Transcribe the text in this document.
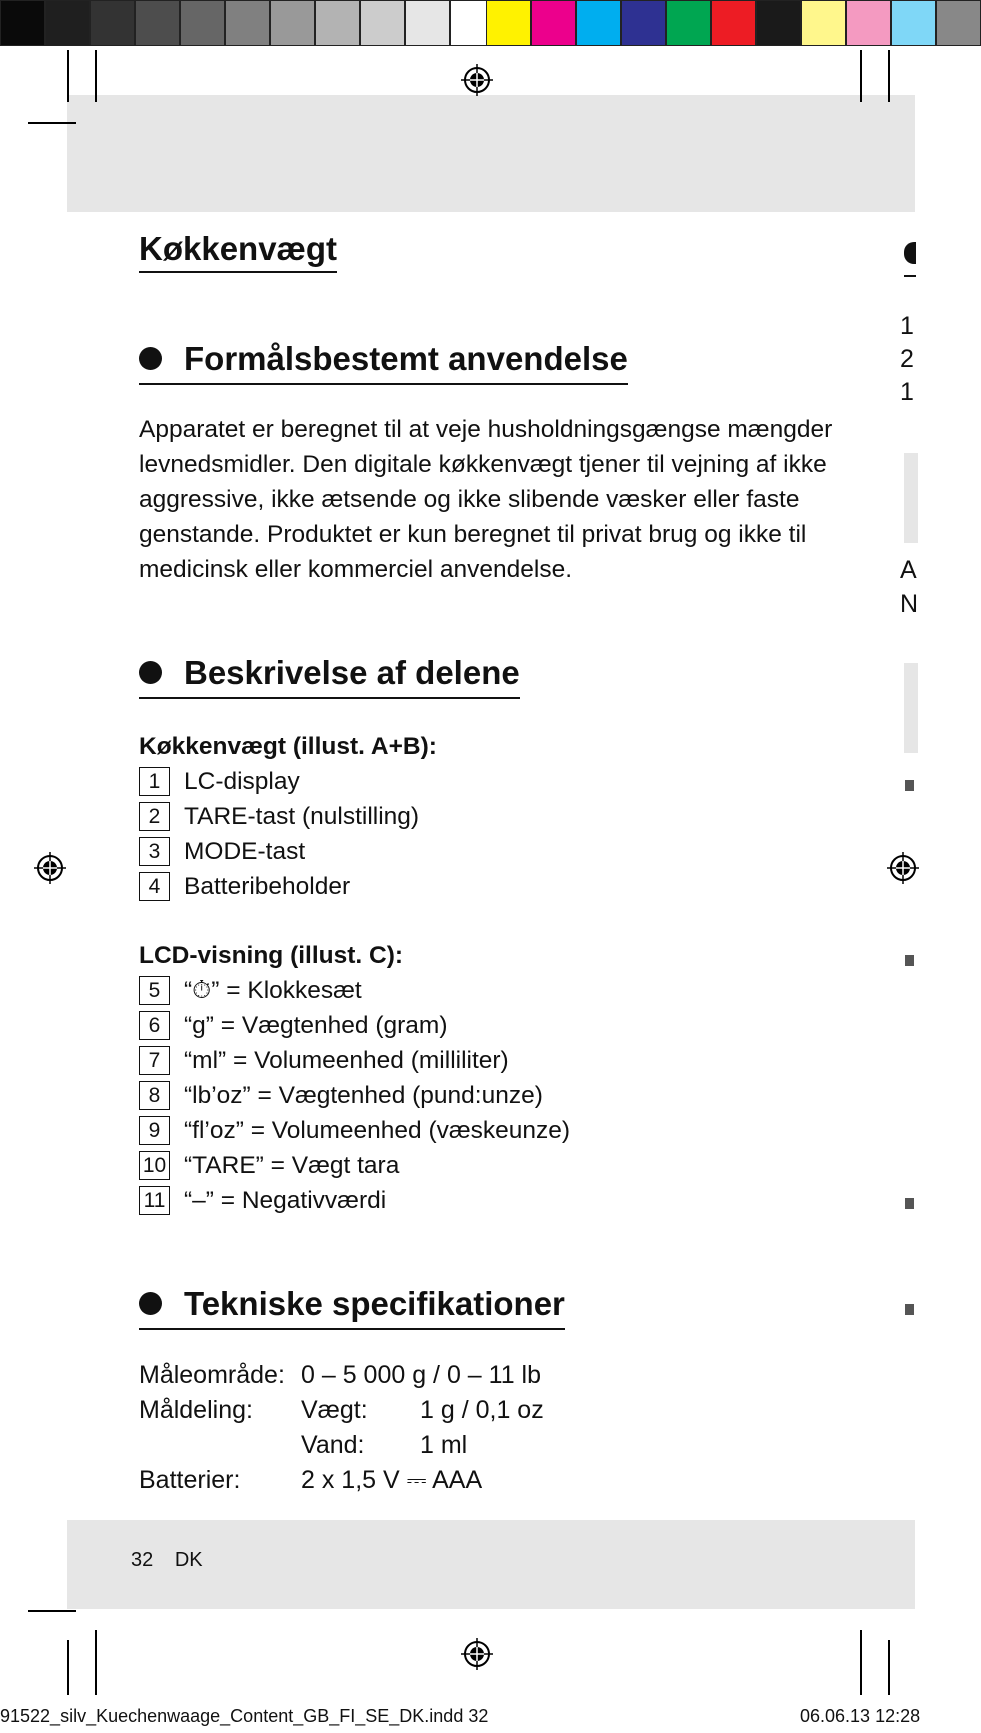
Køkkenvægt
Formålsbestemt anvendelse
Apparatet er beregnet til at veje husholdningsgængse mængder
levnedsmidler. Den digitale køkkenvægt tjener til vejning af ikke
aggressive, ikke ætsende og ikke slibende væsker eller faste
genstande. Produktet er kun beregnet til privat brug og ikke til
medicinsk eller kommerciel anvendelse.
Beskrivelse af delene
Køkkenvægt (illust. A+B):
1 LC-display
2 TARE-tast (nulstilling)
3 MODE-tast
4 Batteribeholder
LCD-visning (illust. C):
5 “⏱” = Klokkesæt
6 “g” = Vægtenhed (gram)
7 “ml” = Volumeenhed (milliliter)
8 “lb’oz” = Vægtenhed (pund:unze)
9 “fl’oz” = Volumeenhed (væskeunze)
10 “TARE” = Vægt tara
11 “–” = Negativværdi
Tekniske specifikationer
Måleområde: 0 – 5 000 g / 0 – 11 lb
Måldeling: Vægt: 1 g / 0,1 oz
Vand: 1 ml
Batterier: 2 x 1,5 V ⎓ AAA
32 DK
91522_silv_Kuechenwaage_Content_GB_FI_SE_DK.indd 32	06.06.13 12:28
1
2
1
A
N
